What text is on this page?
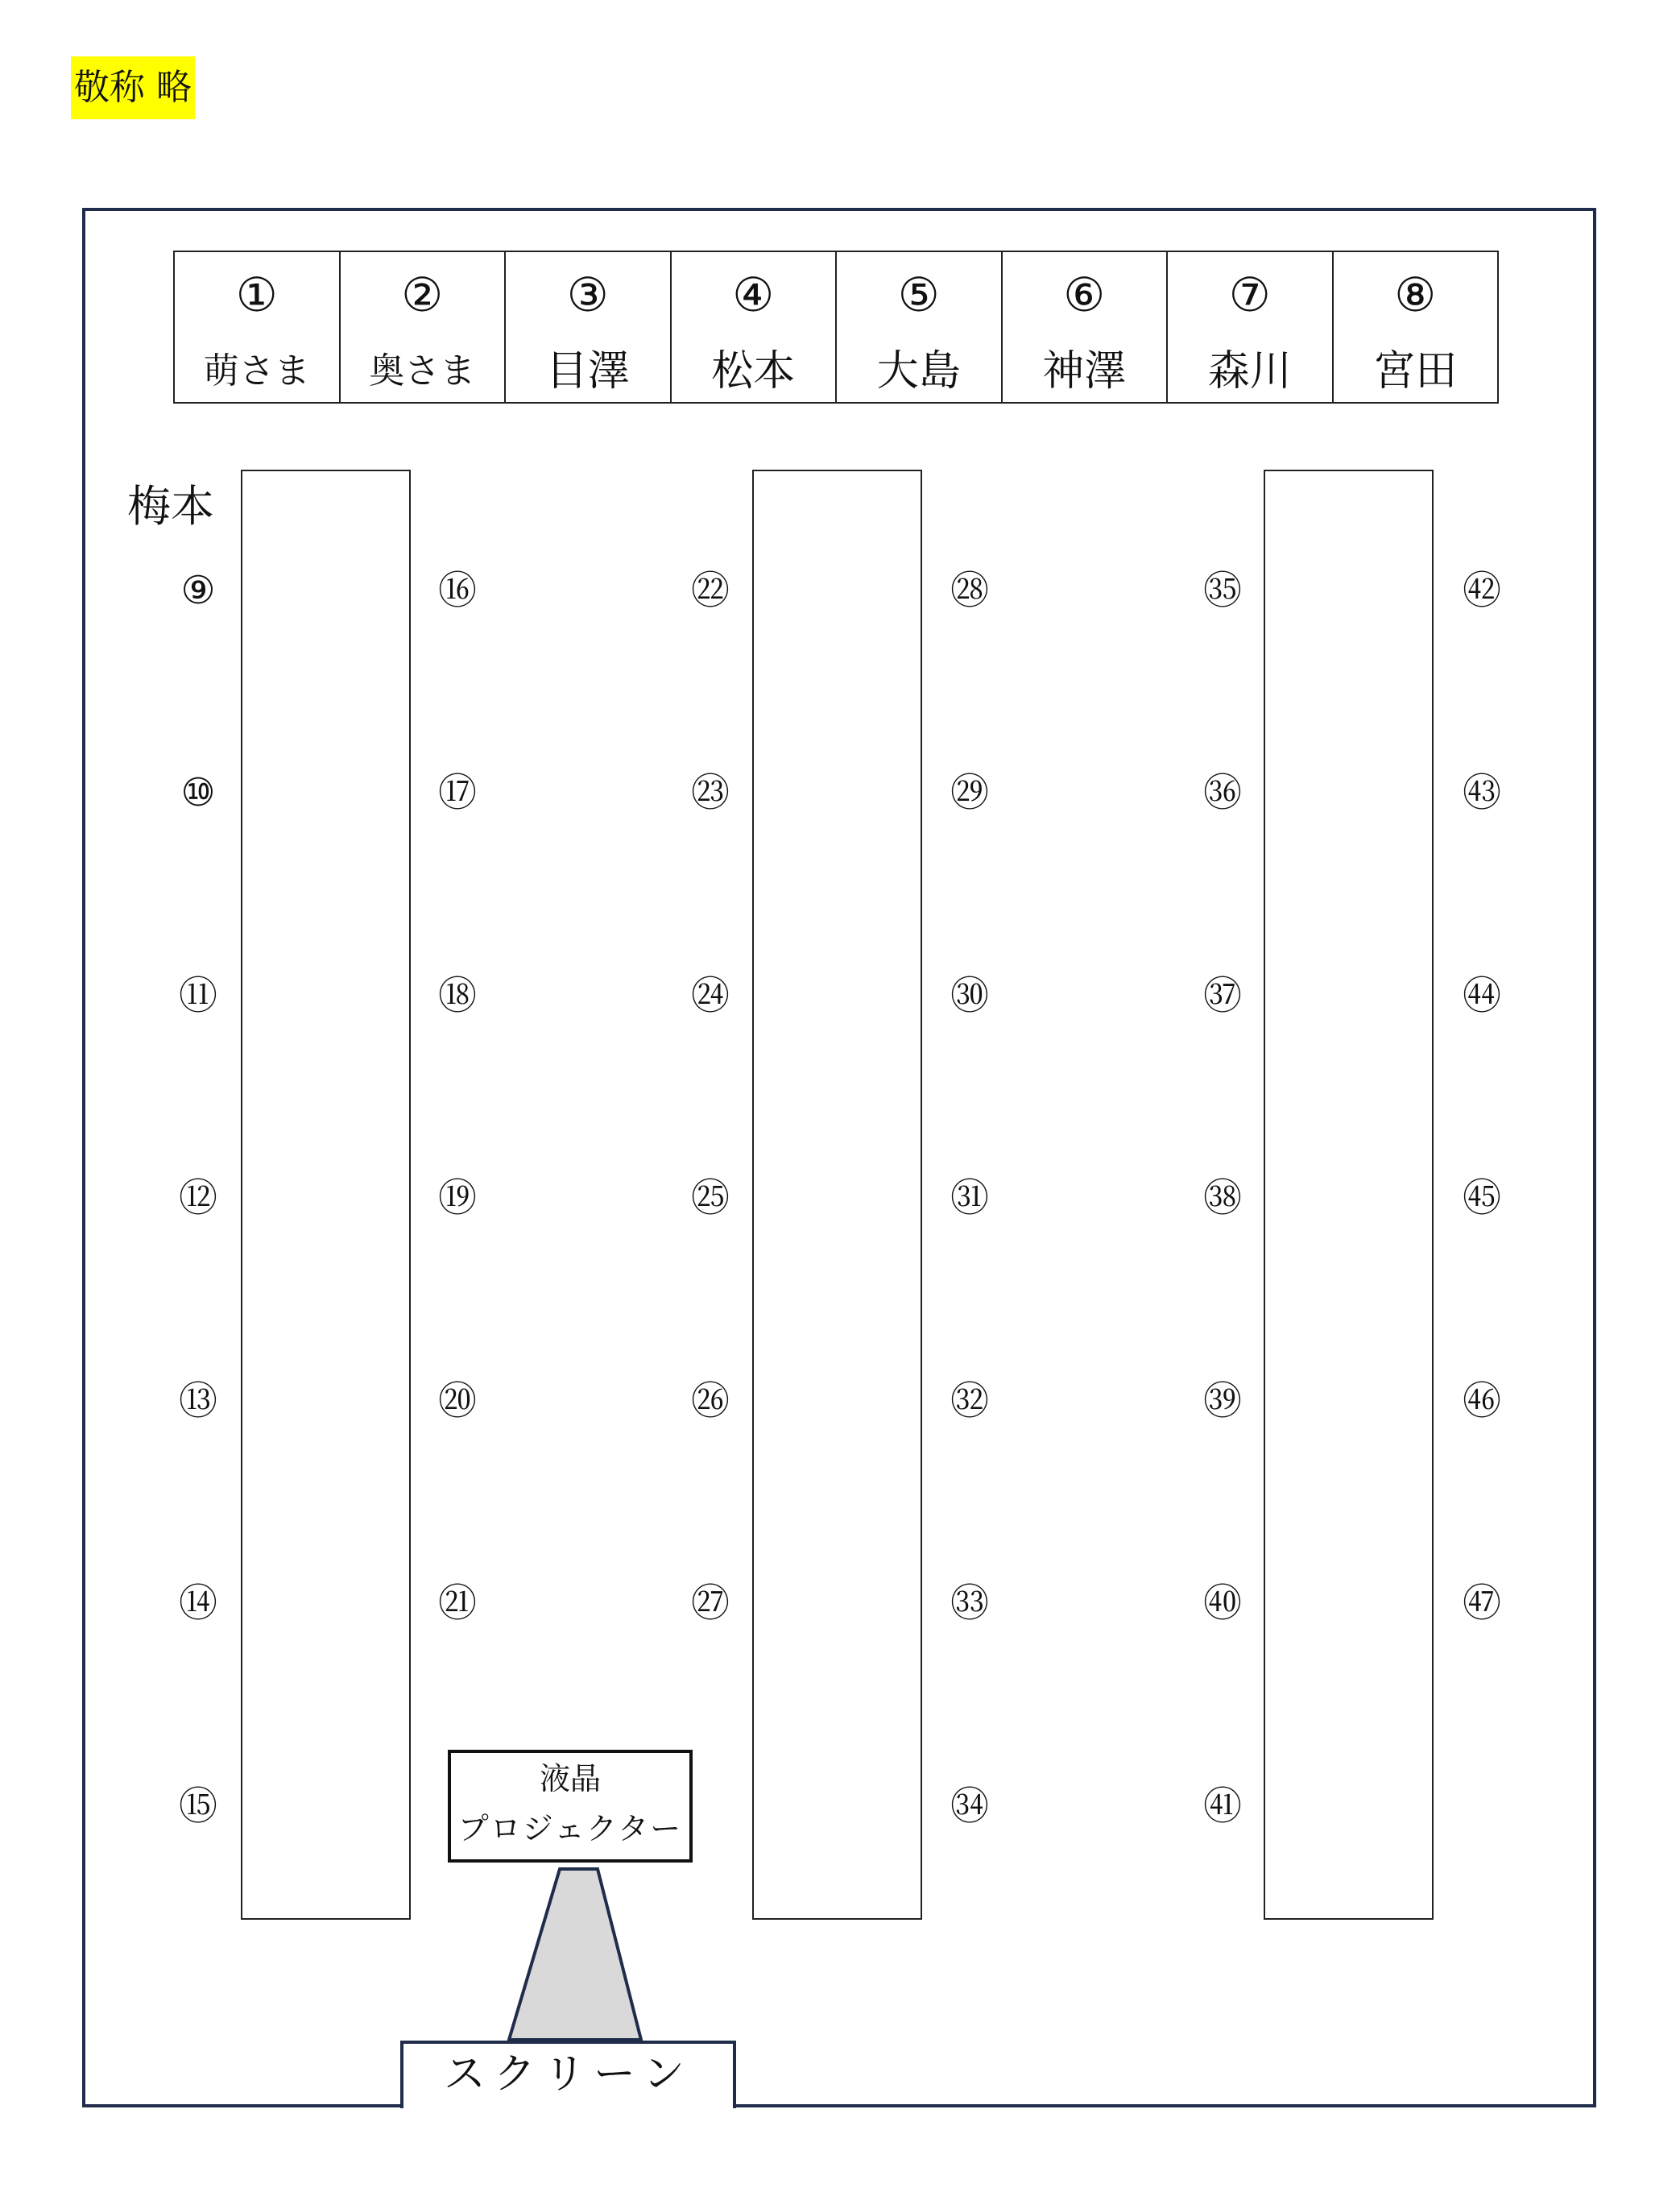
敬称 略
①
萌さま
②
奥さま
③
目澤
④
松本
⑤
大島
⑥
神澤
⑦
森川
⑧
宮田
梅本
⑨
⑩
⑪
⑫
⑬
⑭
⑮
⑯
⑰
⑱
⑲
⑳
㉑
㉒
㉓
㉔
㉕
㉖
㉗
㉘
㉙
㉚
㉛
㉜
㉝
㉞
㉟
㊱
㊲
㊳
㊴
㊵
㊶
㊷
㊸
㊹
㊺
㊻
㊼
液晶
プロジェクター
スクリーン
